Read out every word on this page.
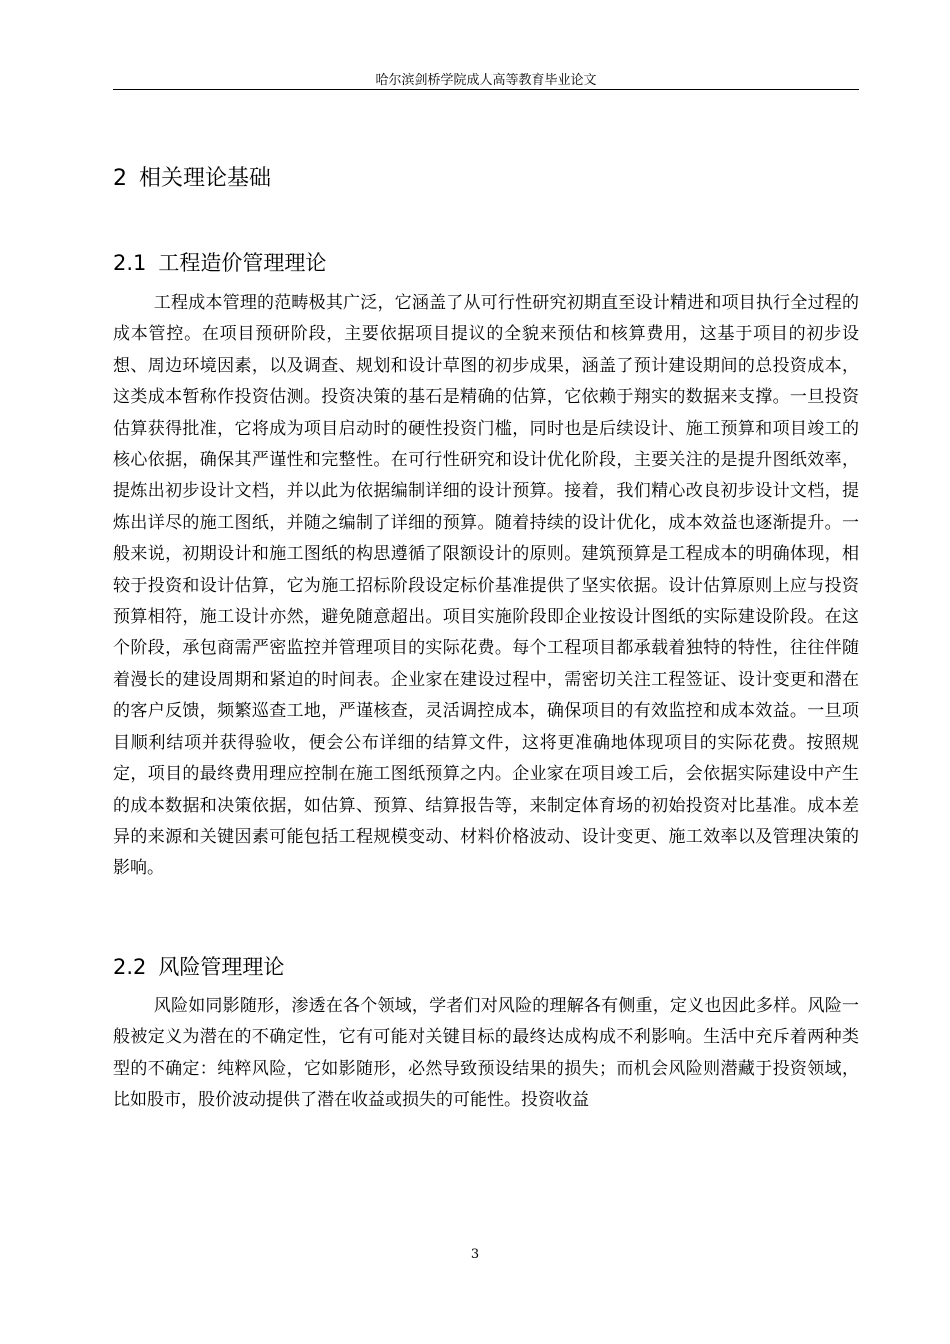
哈尔滨剑桥学院成人高等教育毕业论文
2 相关理论基础
2.1 工程造价管理理论

工程成本管理的范畴极其广泛，它涵盖了从可行性研究初期直至设计精进和项目执行全过程的成本管控。在项目预研阶段，主要依据项目提议的全貌来预估和核算费用，这基于项目的初步设想、周边环境因素，以及调查、规划和设计草图的初步成果，涵盖了预计建设期间的总投资成本，这类成本暂称作投资估测。投资决策的基石是精确的估算，它依赖于翔实的数据来支撑。一旦投资估算获得批准，它将成为项目启动时的硬性投资门槛，同时也是后续设计、施工预算和项目竣工的核心依据，确保其严谨性和完整性。在可行性研究和设计优化阶段，主要关注的是提升图纸效率，提炼出初步设计文档，并以此为依据编制详细的设计预算。接着，我们精心改良初步设计文档，提炼出详尽的施工图纸，并随之编制了详细的预算。随着持续的设计优化，成本效益也逐渐提升。一般来说，初期设计和施工图纸的构思遵循了限额设计的原则。建筑预算是工程成本的明确体现，相较于投资和设计估算，它为施工招标阶段设定标价基准提供了坚实依据。设计估算原则上应与投资预算相符，施工设计亦然，避免随意超出。项目实施阶段即企业按设计图纸的实际建设阶段。在这个阶段，承包商需严密监控并管理项目的实际花费。每个工程项目都承载着独特的特性，往往伴随着漫长的建设周期和紧迫的时间表。企业家在建设过程中，需密切关注工程签证、设计变更和潜在的客户反馈，频繁巡查工地，严谨核查，灵活调控成本，确保项目的有效监控和成本效益。一旦项目顺利结项并获得验收，便会公布详细的结算文件，这将更准确地体现项目的实际花费。按照规定，项目的最终费用理应控制在施工图纸预算之内。企业家在项目竣工后，会依据实际建设中产生的成本数据和决策依据，如估算、预算、结算报告等，来制定体育场的初始投资对比基准。成本差异的来源和关键因素可能包括工程规模变动、材料价格波动、设计变更、施工效率以及管理决策的影响。

2.2 风险管理理论

风险如同影随形，渗透在各个领域，学者们对风险的理解各有侧重，定义也因此多样。风险一般被定义为潜在的不确定性，它有可能对关键目标的最终达成构成不利影响。生活中充斥着两种类型的不确定：纯粹风险，它如影随形，必然导致预设结果的损失；而机会风险则潜藏于投资领域，比如股市，股价波动提供了潜在收益或损失的可能性。投资收益

3
